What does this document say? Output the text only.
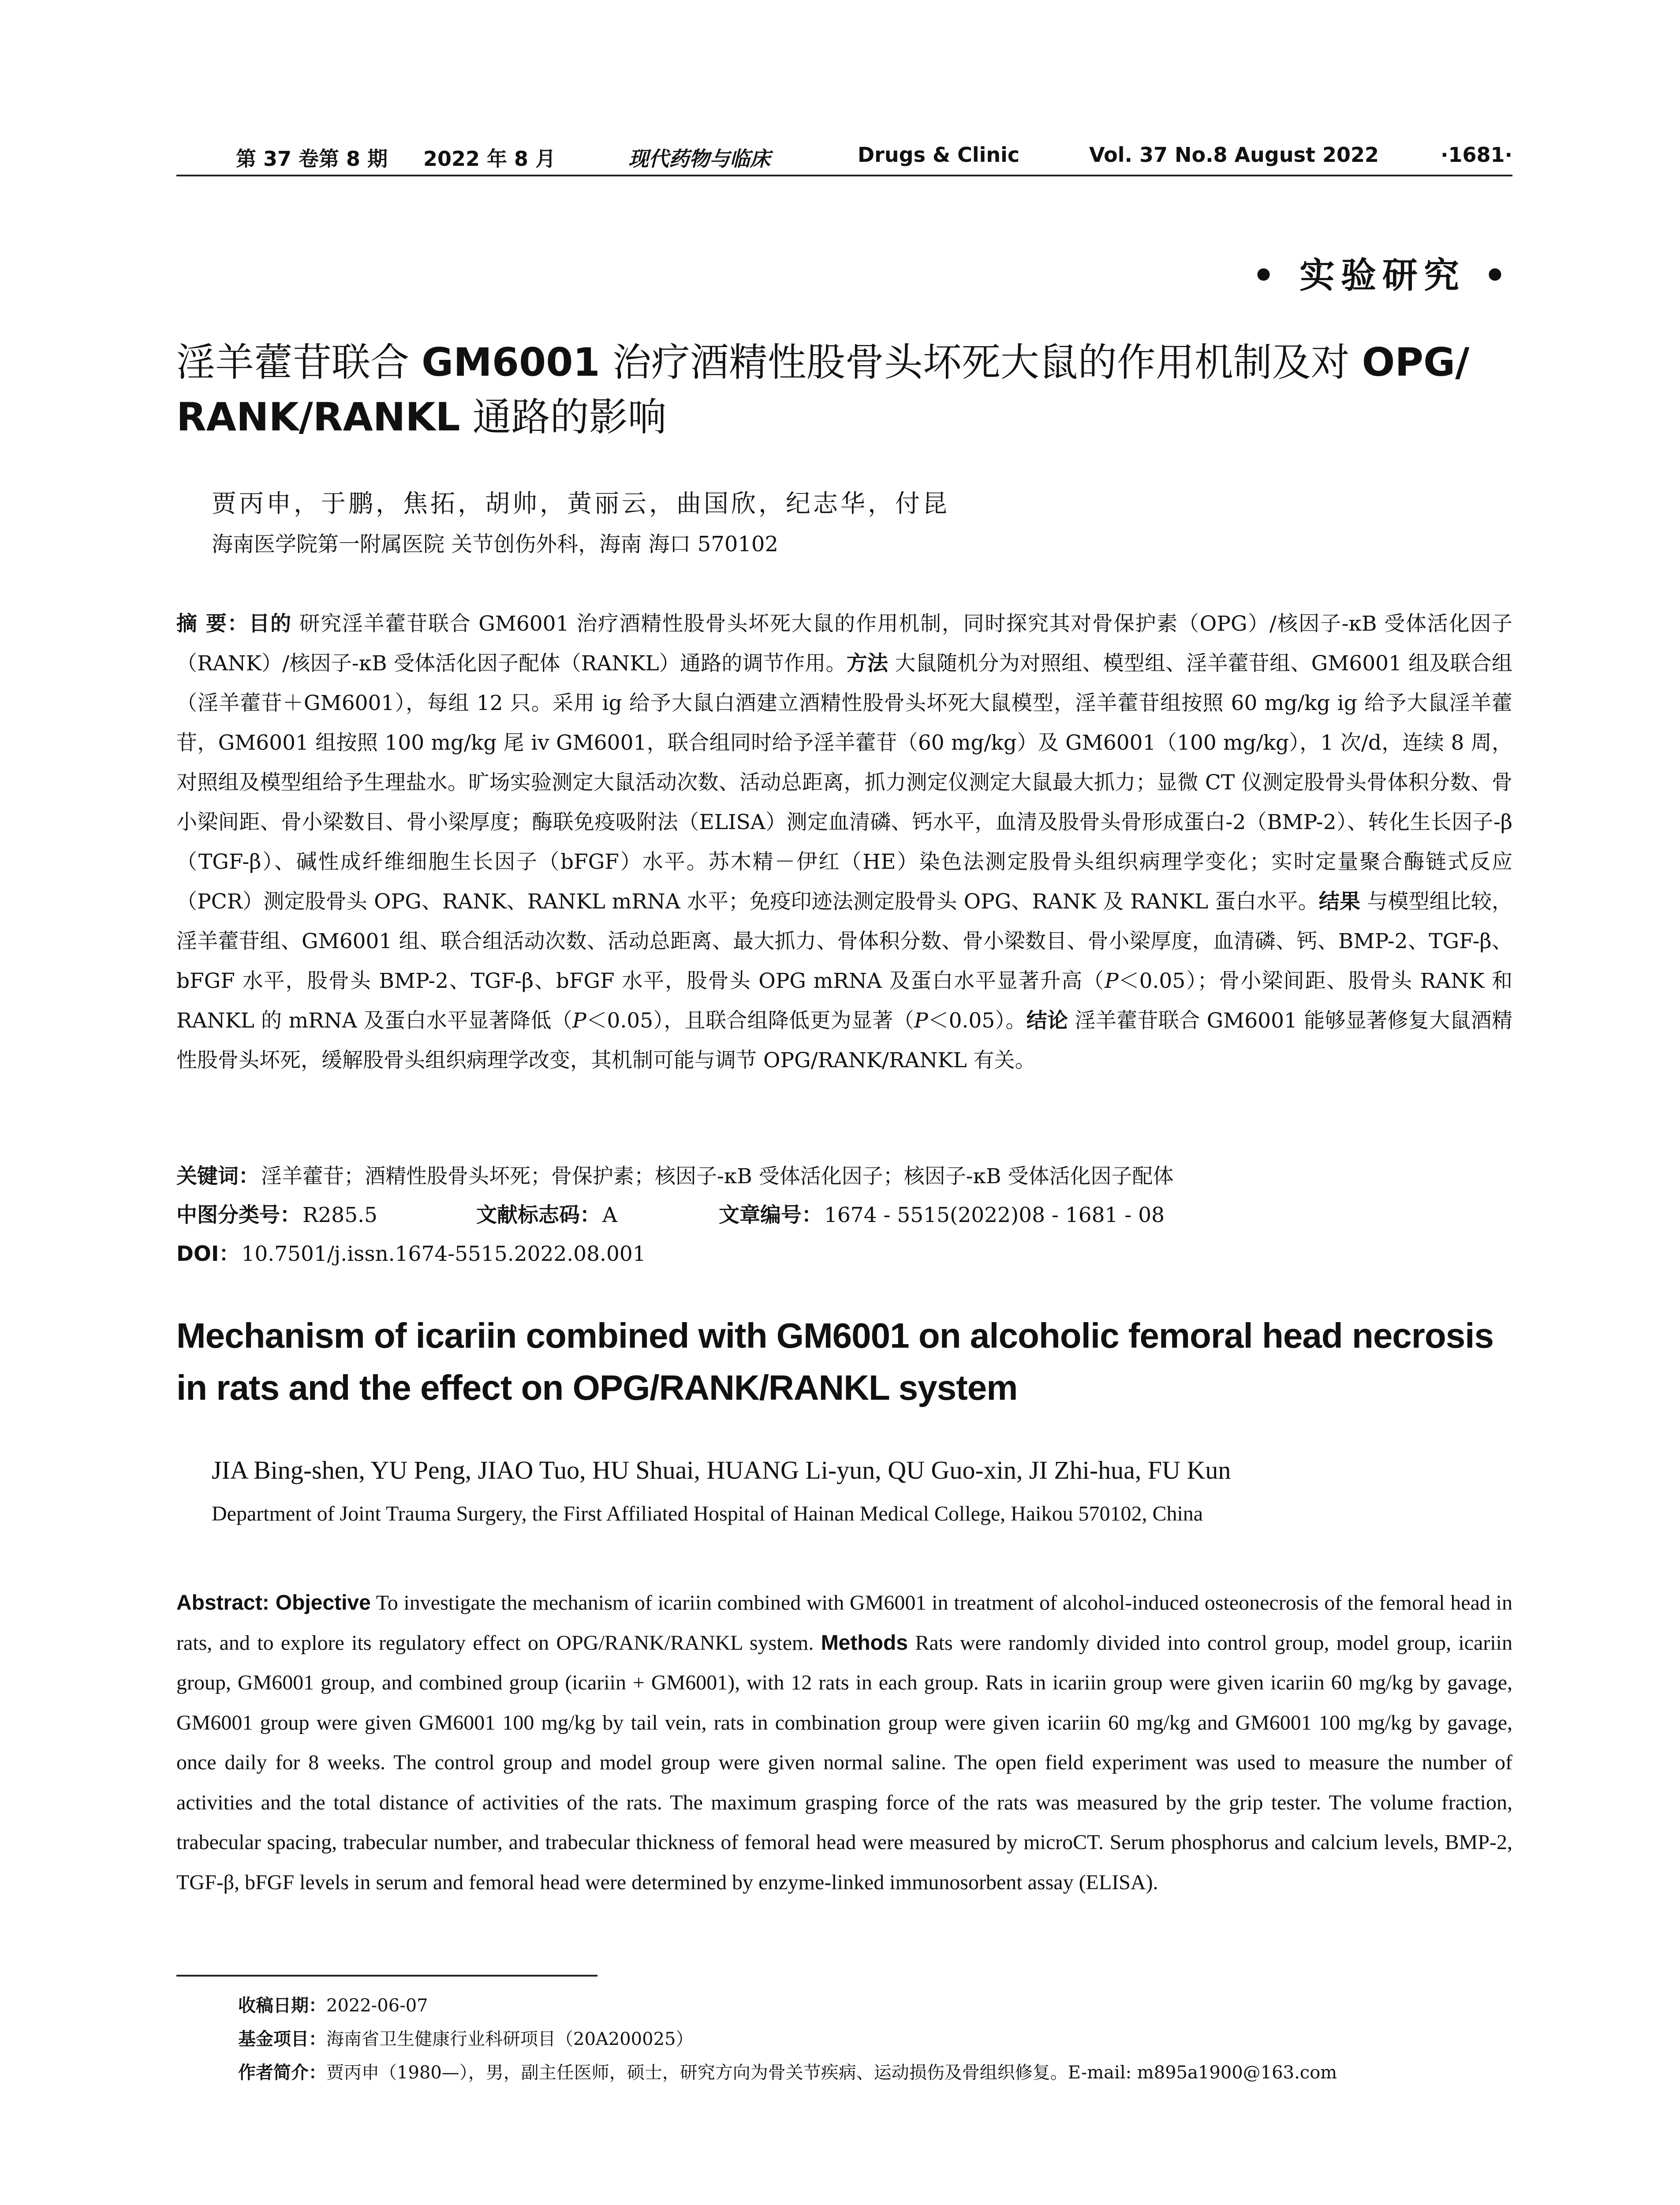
第 37 卷第 8 期 2022 年 8 月	现代药物与临床	Drugs & Clinic	Vol. 37 No.8 August 2022	·1681·
• 实验研究 •
淫羊藿苷联合 GM6001 治疗酒精性股骨头坏死大鼠的作用机制及对 OPG/ RANK/RANKL 通路的影响
贾丙申，于鹏，焦拓，胡帅，黄丽云，曲国欣，纪志华，付昆
海南医学院第一附属医院 关节创伤外科，海南 海口 570102
摘 要：目的 研究淫羊藿苷联合 GM6001 治疗酒精性股骨头坏死大鼠的作用机制，同时探究其对骨保护素（OPG）/核因子-κB 受体活化因子（RANK）/核因子-κB 受体活化因子配体（RANKL）通路的调节作用。方法 大鼠随机分为对照组、模型组、淫羊藿苷组、GM6001 组及联合组（淫羊藿苷＋GM6001），每组 12 只。采用 ig 给予大鼠白酒建立酒精性股骨头坏死大鼠模型，淫羊藿苷组按照 60 mg/kg ig 给予大鼠淫羊藿苷，GM6001 组按照 100 mg/kg 尾 iv GM6001，联合组同时给予淫羊藿苷（60 mg/kg）及 GM6001（100 mg/kg），1 次/d，连续 8 周，对照组及模型组给予生理盐水。旷场实验测定大鼠活动次数、活动总距离，抓力测定仪测定大鼠最大抓力；显微 CT 仪测定股骨头骨体积分数、骨小梁间距、骨小梁数目、骨小梁厚度；酶联免疫吸附法（ELISA）测定血清磷、钙水平，血清及股骨头骨形成蛋白-2（BMP-2）、转化生长因子-β（TGF-β）、碱性成纤维细胞生长因子（bFGF）水平。苏木精－伊红（HE）染色法测定股骨头组织病理学变化；实时定量聚合酶链式反应（PCR）测定股骨头 OPG、RANK、RANKL mRNA 水平；免疫印迹法测定股骨头 OPG、RANK 及 RANKL 蛋白水平。结果 与模型组比较，淫羊藿苷组、GM6001 组、联合组活动次数、活动总距离、最大抓力、骨体积分数、骨小梁数目、骨小梁厚度，血清磷、钙、BMP-2、TGF-β、bFGF 水平，股骨头 BMP-2、TGF-β、bFGF 水平，股骨头 OPG mRNA 及蛋白水平显著升高（P＜0.05）；骨小梁间距、股骨头 RANK 和 RANKL 的 mRNA 及蛋白水平显著降低（P＜0.05），且联合组降低更为显著（P＜0.05）。结论 淫羊藿苷联合 GM6001 能够显著修复大鼠酒精性股骨头坏死，缓解股骨头组织病理学改变，其机制可能与调节 OPG/RANK/RANKL 有关。
关键词：淫羊藿苷；酒精性股骨头坏死；骨保护素；核因子-κB 受体活化因子；核因子-κB 受体活化因子配体
中图分类号：R285.5	文献标志码：A	文章编号：1674 - 5515(2022)08 - 1681 - 08
DOI：10.7501/j.issn.1674-5515.2022.08.001
Mechanism of icariin combined with GM6001 on alcoholic femoral head necrosis in rats and the effect on OPG/RANK/RANKL system
JIA Bing-shen, YU Peng, JIAO Tuo, HU Shuai, HUANG Li-yun, QU Guo-xin, JI Zhi-hua, FU Kun
Department of Joint Trauma Surgery, the First Affiliated Hospital of Hainan Medical College, Haikou 570102, China
Abstract: Objective To investigate the mechanism of icariin combined with GM6001 in treatment of alcohol-induced osteonecrosis of the femoral head in rats, and to explore its regulatory effect on OPG/RANK/RANKL system. Methods Rats were randomly divided into control group, model group, icariin group, GM6001 group, and combined group (icariin + GM6001), with 12 rats in each group. Rats in icariin group were given icariin 60 mg/kg by gavage, GM6001 group were given GM6001 100 mg/kg by tail vein, rats in combination group were given icariin 60 mg/kg and GM6001 100 mg/kg by gavage, once daily for 8 weeks. The control group and model group were given normal saline. The open field experiment was used to measure the number of activities and the total distance of activities of the rats. The maximum grasping force of the rats was measured by the grip tester. The volume fraction, trabecular spacing, trabecular number, and trabecular thickness of femoral head were measured by microCT. Serum phosphorus and calcium levels, BMP-2, TGF-β, bFGF levels in serum and femoral head were determined by enzyme-linked immunosorbent assay (ELISA).
收稿日期：2022-06-07
基金项目：海南省卫生健康行业科研项目（20A200025）
作者简介：贾丙申（1980—），男，副主任医师，硕士，研究方向为骨关节疾病、运动损伤及骨组织修复。E-mail: m895a1900@163.com
